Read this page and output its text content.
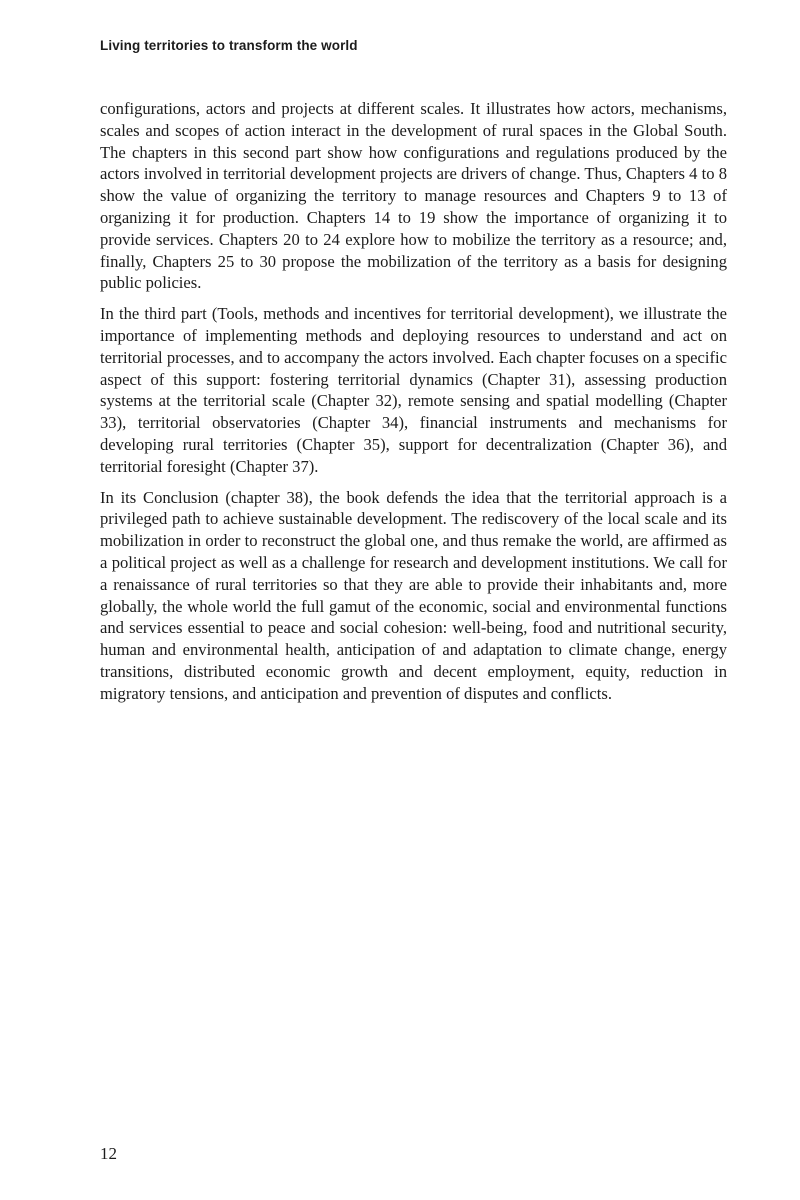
Living territories to transform the world

configurations, actors and projects at different scales. It illustrates how actors, mechanisms, scales and scopes of action interact in the development of rural spaces in the Global South. The chapters in this second part show how configurations and regulations produced by the actors involved in territorial development projects are drivers of change. Thus, Chapters 4 to 8 show the value of organizing the territory to manage resources and Chapters 9 to 13 of organizing it for production. Chapters 14 to 19 show the importance of organizing it to provide services. Chapters 20 to 24 explore how to mobilize the territory as a resource; and, finally, Chapters 25 to 30 propose the mobilization of the territory as a basis for designing public policies.

In the third part (Tools, methods and incentives for territorial development), we illustrate the importance of implementing methods and deploying resources to understand and act on territorial processes, and to accompany the actors involved. Each chapter focuses on a specific aspect of this support: fostering territorial dynamics (Chapter 31), assessing production systems at the territorial scale (Chapter 32), remote sensing and spatial modelling (Chapter 33), territorial observatories (Chapter 34), financial instruments and mechanisms for developing rural territories (Chapter 35), support for decentralization (Chapter 36), and territorial foresight (Chapter 37).

In its Conclusion (chapter 38), the book defends the idea that the territorial approach is a privileged path to achieve sustainable development. The rediscovery of the local scale and its mobilization in order to reconstruct the global one, and thus remake the world, are affirmed as a political project as well as a challenge for research and development institutions. We call for a renaissance of rural territories so that they are able to provide their inhabitants and, more globally, the whole world the full gamut of the economic, social and environmental functions and services essential to peace and social cohesion: well-being, food and nutritional security, human and environmental health, anticipation of and adaptation to climate change, energy transitions, distributed economic growth and decent employment, equity, reduction in migratory tensions, and anticipation and prevention of disputes and conflicts.

12
